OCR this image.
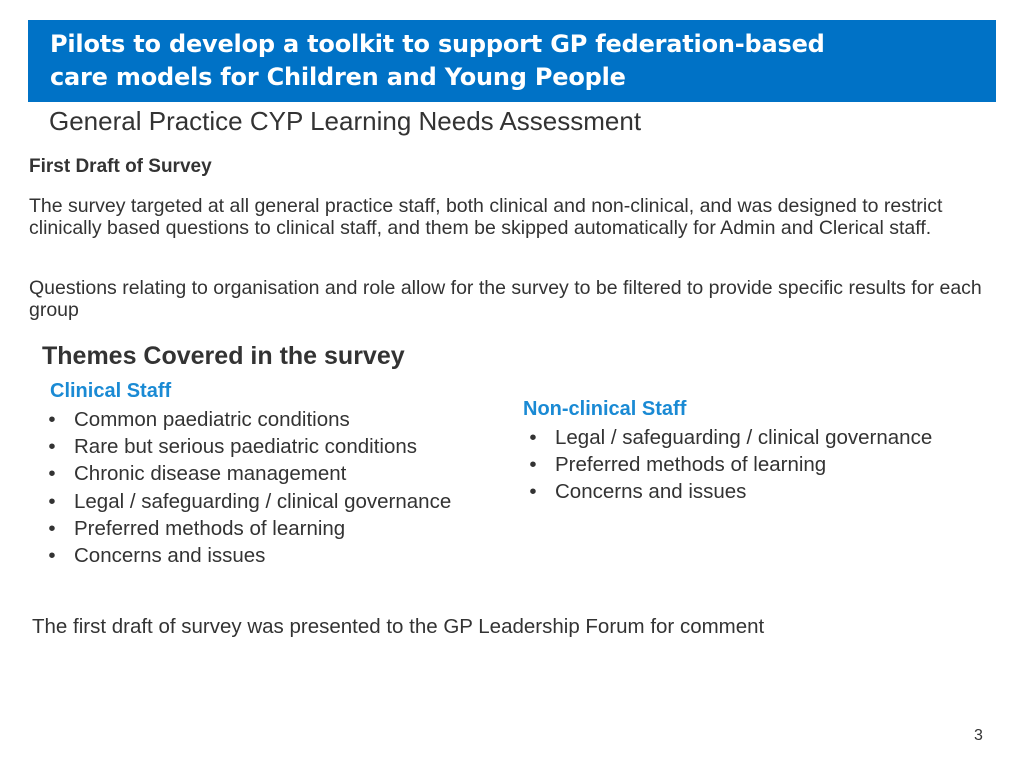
Pilots to develop a toolkit to support GP federation-based
care models for Children and Young People
General Practice CYP Learning Needs Assessment
First Draft of Survey
The survey targeted at all general practice staff, both clinical and non-clinical, and was designed to restrict clinically based questions to clinical staff, and them be skipped automatically for Admin and Clerical staff.
Questions relating to organisation and role allow for the survey to be filtered to provide specific results for each group
Themes Covered in the survey
Clinical Staff
• Common paediatric conditions
• Rare but serious paediatric conditions
• Chronic disease management
• Legal / safeguarding / clinical governance
• Preferred methods of learning
• Concerns and issues
Non-clinical Staff
• Legal / safeguarding / clinical governance
• Preferred methods of learning
• Concerns and issues
The first draft of survey was presented to the GP Leadership Forum for comment
3
